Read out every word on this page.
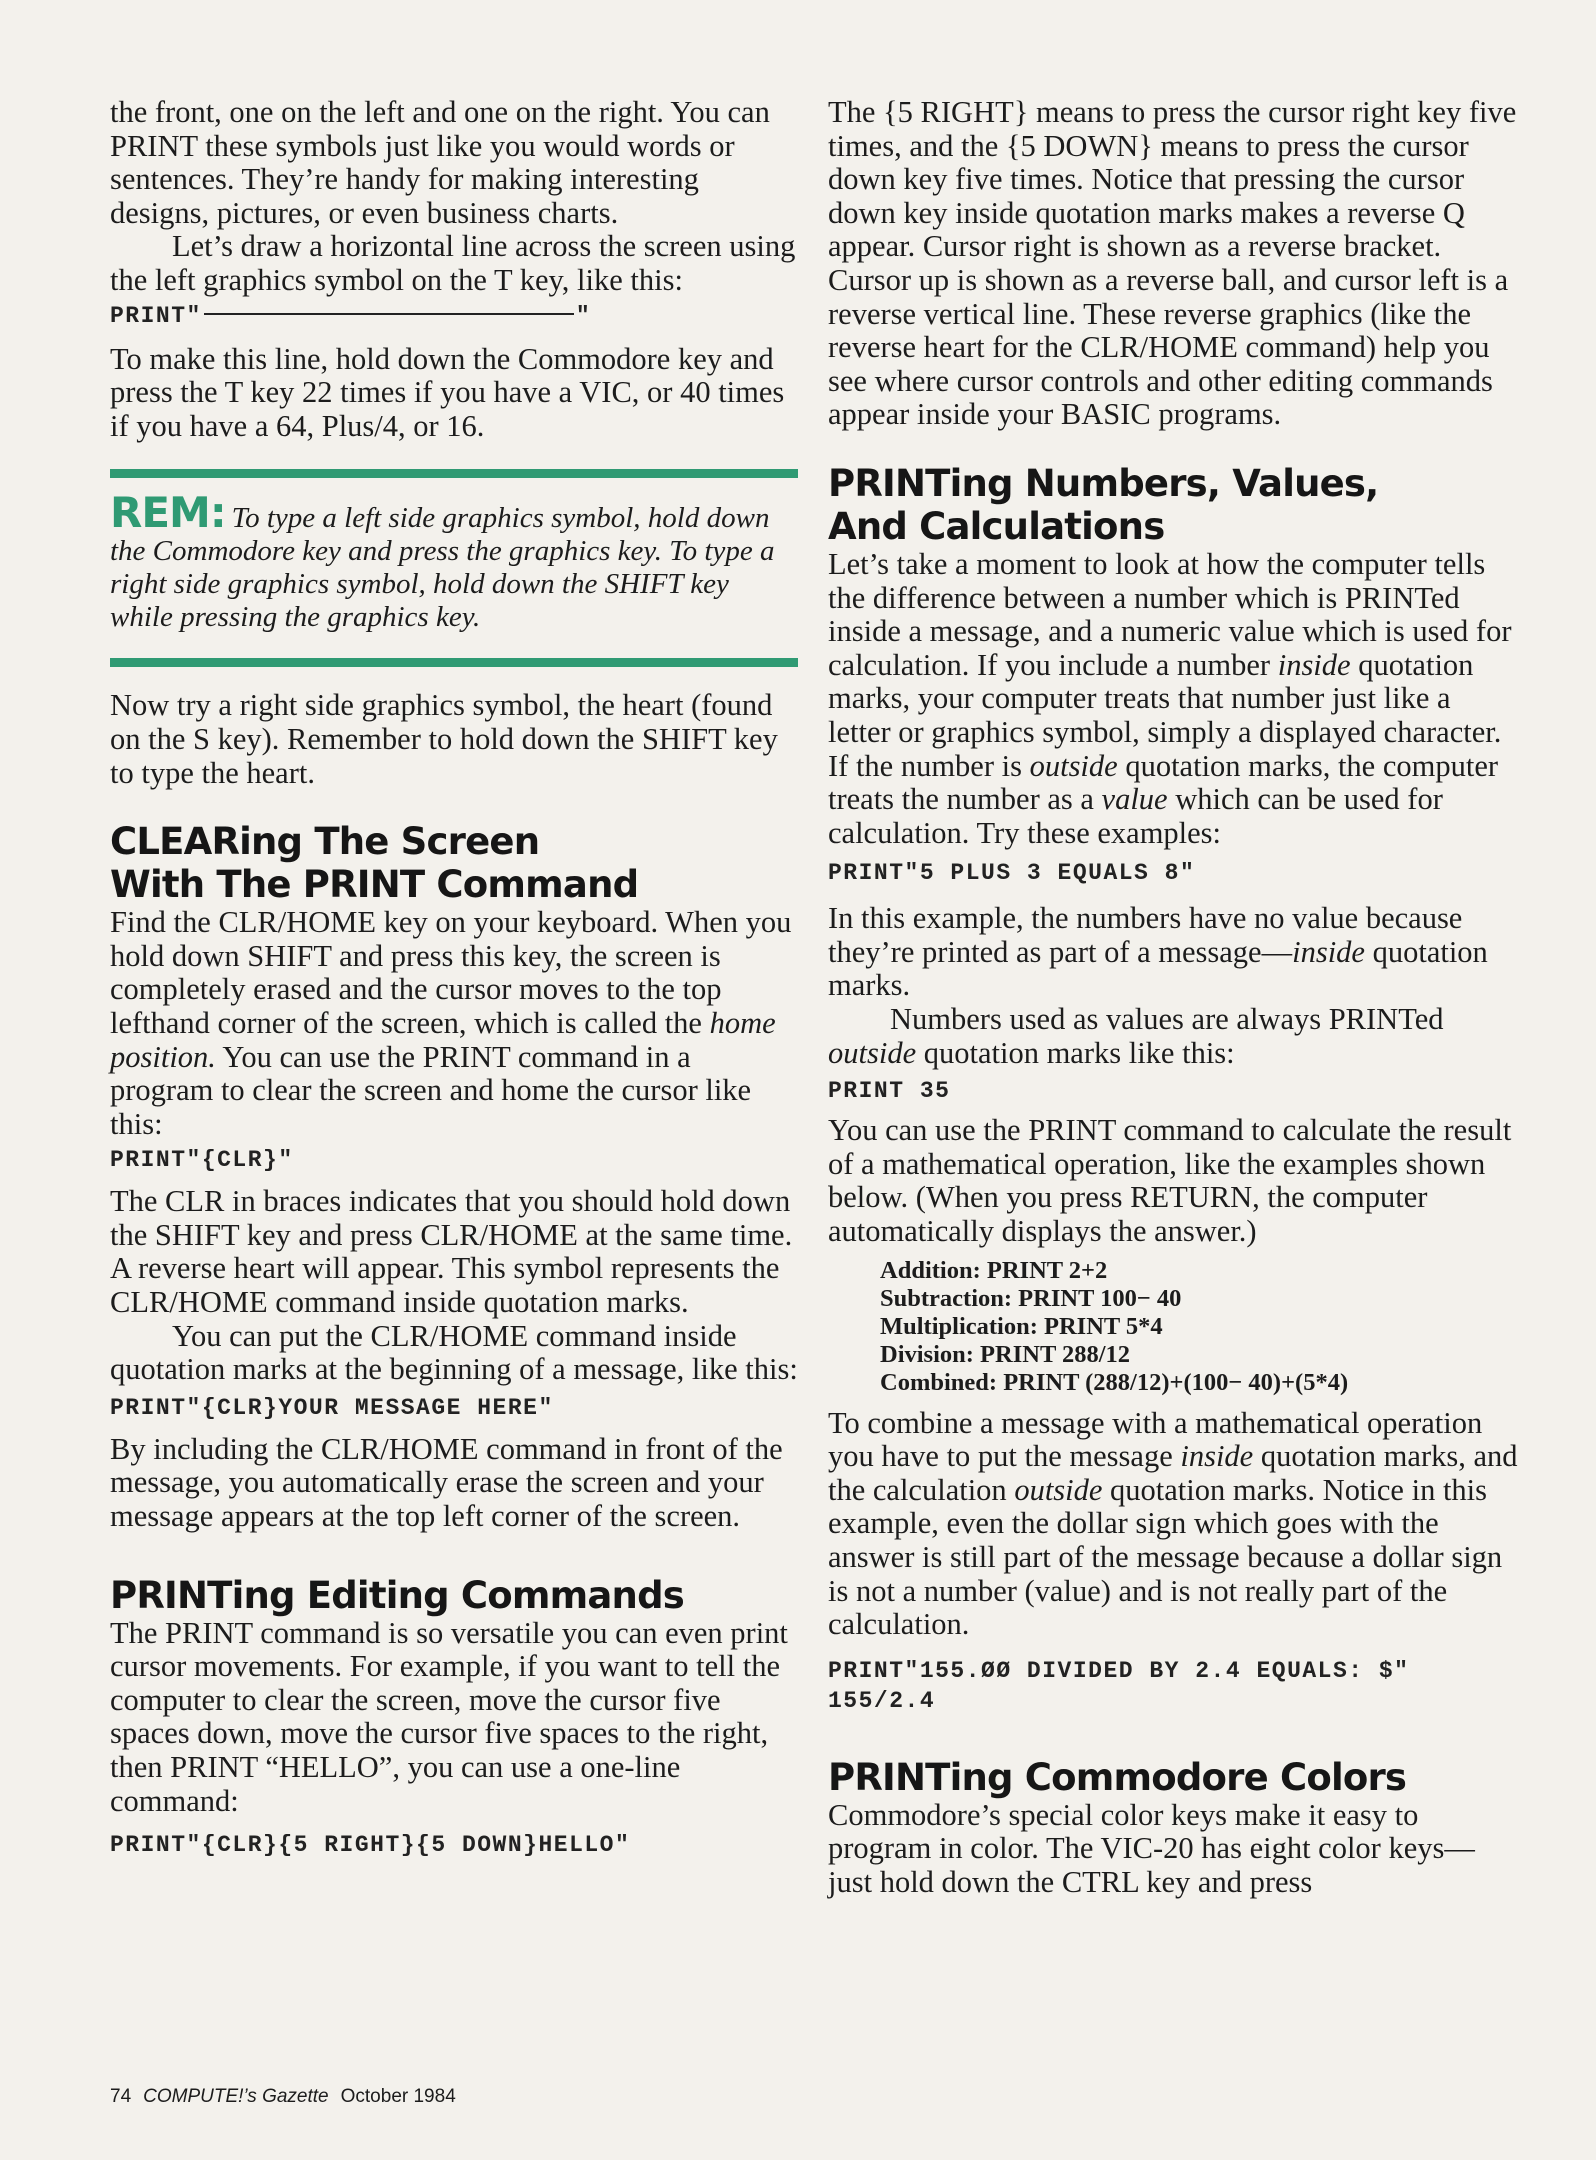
the front, one on the left and one on the right. You can PRINT these symbols just like you would words or sentences. They’re handy for making interesting designs, pictures, or even business charts.

Let’s draw a horizontal line across the screen using the left graphics symbol on the T key, like this:

PRINT"	"

To make this line, hold down the Commodore key and press the T key 22 times if you have a VIC, or 40 times if you have a 64, Plus/4, or 16.

REM: To type a left side graphics symbol, hold down the Commodore key and press the graphics key. To type a right side graphics symbol, hold down the SHIFT key while pressing the graphics key.

Now try a right side graphics symbol, the heart (found on the S key). Remember to hold down the SHIFT key to type the heart.

CLEARing The Screen
With The PRINT Command

Find the CLR/HOME key on your keyboard. When you hold down SHIFT and press this key, the screen is completely erased and the cursor moves to the top lefthand corner of the screen, which is called the home position. You can use the PRINT command in a program to clear the screen and home the cursor like this:

PRINT"{CLR}"

The CLR in braces indicates that you should hold down the SHIFT key and press CLR/HOME at the same time. A reverse heart will appear. This symbol represents the CLR/HOME command inside quotation marks.

You can put the CLR/HOME command inside quotation marks at the beginning of a message, like this:

PRINT"{CLR}YOUR MESSAGE HERE"

By including the CLR/HOME command in front of the message, you automatically erase the screen and your message appears at the top left corner of the screen.

PRINTing Editing Commands

The PRINT command is so versatile you can even print cursor movements. For example, if you want to tell the computer to clear the screen, move the cursor five spaces down, move the cursor five spaces to the right, then PRINT “HELLO”, you can use a one-line command:

PRINT"{CLR}{5 RIGHT}{5 DOWN}HELLO"

The {5 RIGHT} means to press the cursor right key five times, and the {5 DOWN} means to press the cursor down key five times. Notice that pressing the cursor down key inside quotation marks makes a reverse Q appear. Cursor right is shown as a reverse bracket. Cursor up is shown as a reverse ball, and cursor left is a reverse vertical line. These reverse graphics (like the reverse heart for the CLR/HOME command) help you see where cursor controls and other editing commands appear inside your BASIC programs.

PRINTing Numbers, Values,
And Calculations

Let’s take a moment to look at how the computer tells the difference between a number which is PRINTed inside a message, and a numeric value which is used for calculation. If you include a number inside quotation marks, your computer treats that number just like a letter or graphics symbol, simply a displayed character. If the number is outside quotation marks, the computer treats the number as a value which can be used for calculation. Try these examples:

PRINT"5 PLUS 3 EQUALS 8"

In this example, the numbers have no value because they’re printed as part of a message—inside quotation marks.

Numbers used as values are always PRINTed outside quotation marks like this:

PRINT 35

You can use the PRINT command to calculate the result of a mathematical operation, like the examples shown below. (When you press RETURN, the computer automatically displays the answer.)

Addition: PRINT 2+2
Subtraction: PRINT 100− 40
Multiplication: PRINT 5*4
Division: PRINT 288/12
Combined: PRINT (288/12)+(100− 40)+(5*4)

To combine a message with a mathematical operation you have to put the message inside quotation marks, and the calculation outside quotation marks. Notice in this example, even the dollar sign which goes with the answer is still part of the message because a dollar sign is not a number (value) and is not really part of the calculation.

PRINT"155.ØØ DIVIDED BY 2.4 EQUALS: $"
155/2.4
PRINTing Commodore Colors

Commodore’s special color keys make it easy to program in color. The VIC-20 has eight color keys—just hold down the CTRL key and press

74 COMPUTE!’s Gazette October 1984
